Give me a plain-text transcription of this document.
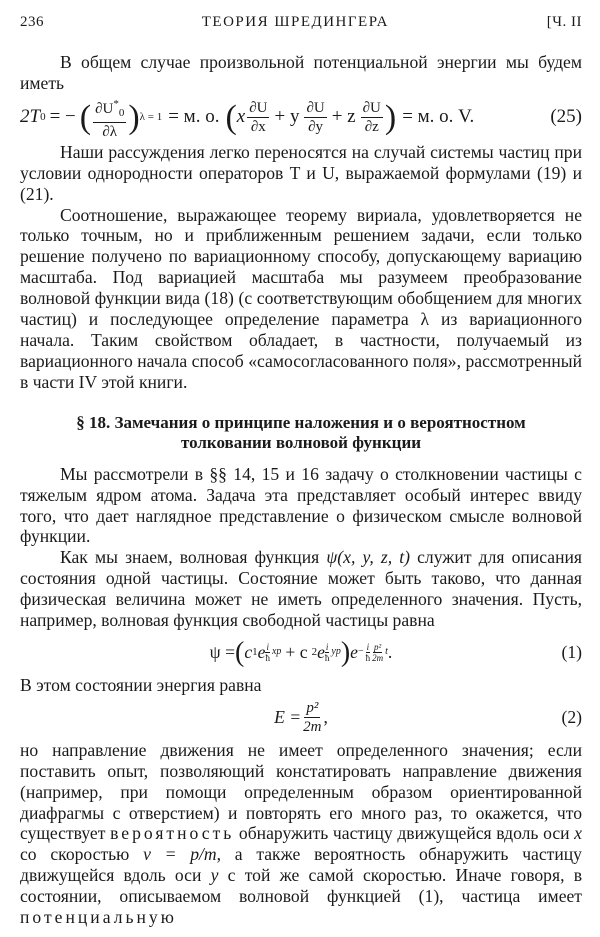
236	ТЕОРИЯ ШРЕДИНГЕРА	[Ч. II

В общем случае произвольной потенциальной энергии мы будем иметь

2T 0 = − ( $\frac{\partial U^*_0}{\partial\lambda}$ ) λ = 1 = м. о. ( x $\frac{\partial U}{\partial x} + y \frac{\partial U}{\partial y} + z \frac{\partial U}{\partial z}$ ) = м. о. V.	(25)

Наши рассуждения легко переносятся на случай системы частиц при условии однородности операторов T и U, выражаемой формулами (19) и (21).

Соотношение, выражающее теорему вириала, удовлетворяется не только точным, но и приближенным решением задачи, если только решение получено по вариационному способу, допускающему вариацию масштаба. Под вариацией масштаба мы разумеем преобразование волновой функции вида (18) (с соответствующим обобщением для многих частиц) и последующее определение параметра λ из вариационного начала. Таким свойством обладает, в частности, получаемый из вариационного начала способ «самосогласованного поля», рассмотренный в части IV этой книги.

§ 18. Замечания о принципе наложения и о вероятностном толковании волновой функции

Мы рассмотрели в §§ 14, 15 и 16 задачу о столкновении частицы с тяжелым ядром атома. Задача эта представляет особый интерес ввиду того, что дает наглядное представление о физическом смысле волновой функции.

Как мы знаем, волновая функция ψ(x, y, z, t) служит для описания состояния одной частицы. Состояние может быть таково, что данная физическая величина может не иметь определенного значения. Пусть, например, волновая функция свободной частицы равна

ψ = ( c 1 e i
ħ
xp + c 2 e i
ħ
yp ) $e - \frac{i}{ħ} p^2$
2m
t .	(1)

В этом состоянии энергия равна

$E = \frac{\text{p²}}{2m}$ ,	(2)

но направление движения не имеет определенного значения; если поставить опыт, позволяющий констатировать направление движения (например, при помощи определенным образом ориентированной диафрагмы с отверстием) и повторять его много раз, то окажется, что существует вероятность обнаружить частицу движущейся вдоль оси x со скоростью v = p/m, а также вероятность обнаружить частицу движущейся вдоль оси y с той же самой скоростью. Иначе говоря, в состоянии, описываемом волновой функцией (1), частица имеет потенциальную
